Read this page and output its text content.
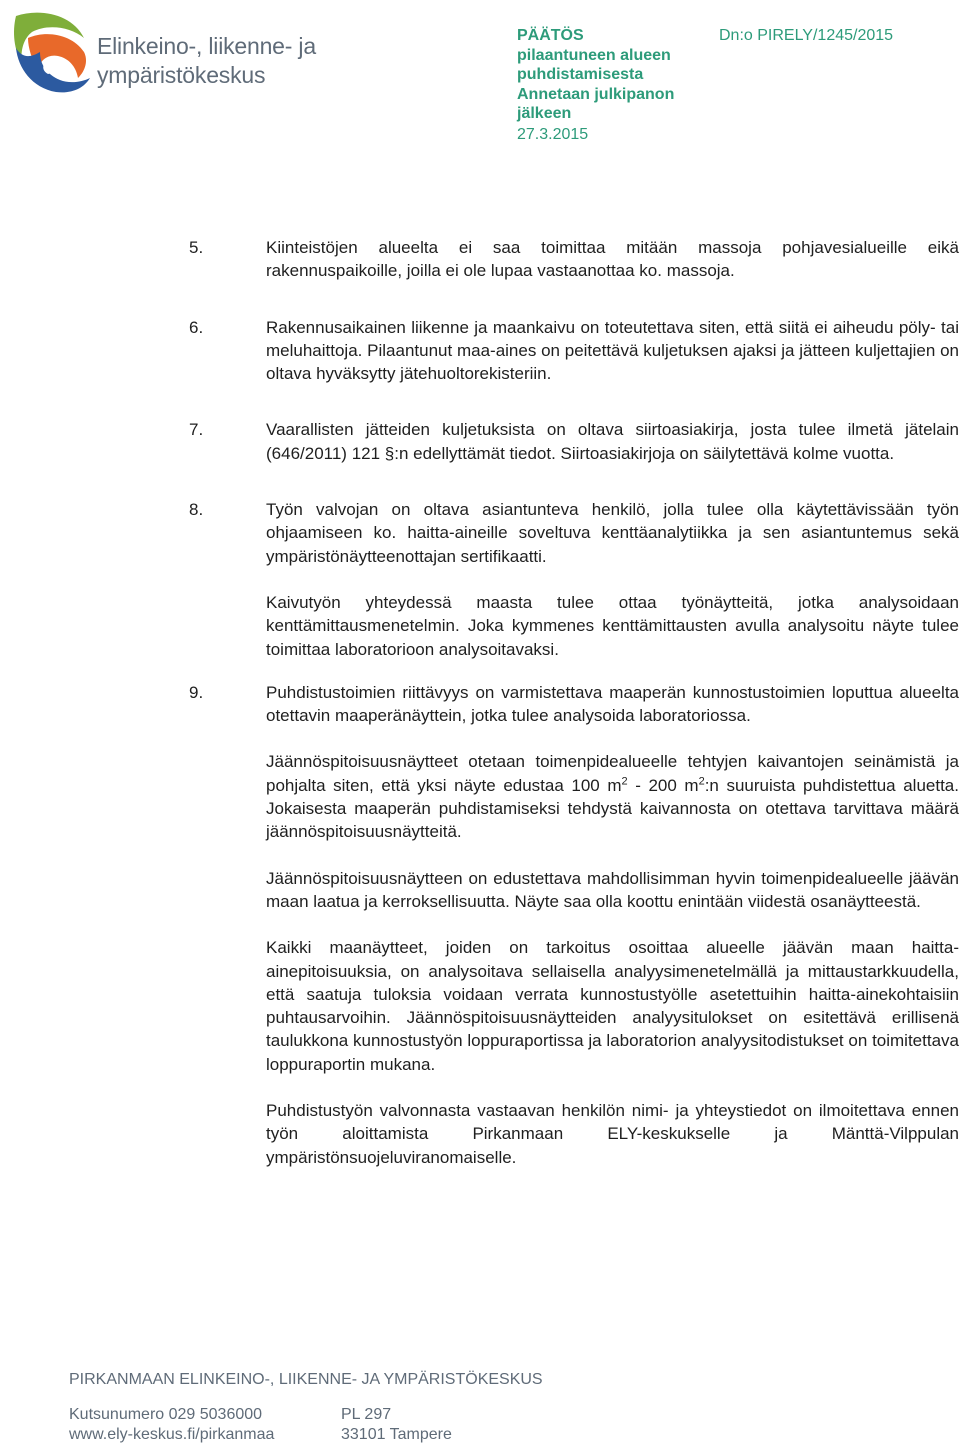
Elinkeino-, liikenne- ja
ympäristökeskus
PÄÄTÖS
pilaantuneen alueen puhdistamisesta
Annetaan julkipanon jälkeen
27.3.2015
Dn:o PIRELY/1245/2015
5.	Kiinteistöjen alueelta ei saa toimittaa mitään massoja pohjavesialueille eikä rakennuspaikoille, joilla ei ole lupaa vastaanottaa ko. massoja.
6.	Rakennusaikainen liikenne ja maankaivu on toteutettava siten, että siitä ei aiheudu pöly- tai meluhaittoja. Pilaantunut maa-aines on peitettävä kuljetuksen ajaksi ja jätteen kuljettajien on oltava hyväksytty jätehuoltorekisteriin.
7.	Vaarallisten jätteiden kuljetuksista on oltava siirtoasiakirja, josta tulee ilmetä jätelain (646/2011) 121 §:n edellyttämät tiedot. Siirtoasiakirjoja on säilytettävä kolme vuotta.
8.	Työn valvojan on oltava asiantunteva henkilö, jolla tulee olla käytettävissään työn ohjaamiseen ko. haitta-aineille soveltuva kenttäanalytiikka ja sen asiantuntemus sekä ympäristönäytteenottajan sertifikaatti.
Kaivutyön yhteydessä maasta tulee ottaa työnäytteitä, jotka analysoidaan kenttämittausmenetelmin. Joka kymmenes kenttämittausten avulla analysoitu näyte tulee toimittaa laboratorioon analysoitavaksi.
9.	Puhdistustoimien riittävyys on varmistettava maaperän kunnostustoimien loputtua alueelta otettavin maaperänäyttein, jotka tulee analysoida laboratoriossa.
Jäännöspitoisuusnäytteet otetaan toimenpidealueelle tehtyjen kaivantojen seinämistä ja pohjalta siten, että yksi näyte edustaa 100 $m^2 - 200$ $m^2:n$ suuruista puhdistettua aluetta. Jokaisesta maaperän puhdistamiseksi tehdystä kaivannosta on otettava tarvittava määrä jäännöspitoisuusnäytteitä.
Jäännöspitoisuusnäytteen on edustettava mahdollisimman hyvin toimenpidealueelle jäävän maan laatua ja kerroksellisuutta. Näyte saa olla koottu enintään viidestä osanäytteestä.
Kaikki maanäytteet, joiden on tarkoitus osoittaa alueelle jäävän maan haitta-ainepitoisuuksia, on analysoitava sellaisella analyysimenetelmällä ja mittaustarkkuudella, että saatuja tuloksia voidaan verrata kunnostustyölle asetettuihin haitta-ainekohtaisiin puhtausarvoihin. Jäännöspitoisuusnäytteiden analyysitulokset on esitettävä erillisenä taulukkona kunnostustyön loppuraportissa ja laboratorion analyysitodistukset on toimitettava loppuraportin mukana.
Puhdistustyön valvonnasta vastaavan henkilön nimi- ja yhteystiedot on ilmoitettava ennen työn aloittamista Pirkanmaan ELY-keskukselle ja Mänttä-Vilppulan ympäristönsuojeluviranomaiselle.
PIRKANMAAN ELINKEINO-, LIIKENNE- JA YMPÄRISTÖKESKUS
Kutsunumero 029 5036000	PL 297
www.ely-keskus.fi/pirkanmaa	33101 Tampere
